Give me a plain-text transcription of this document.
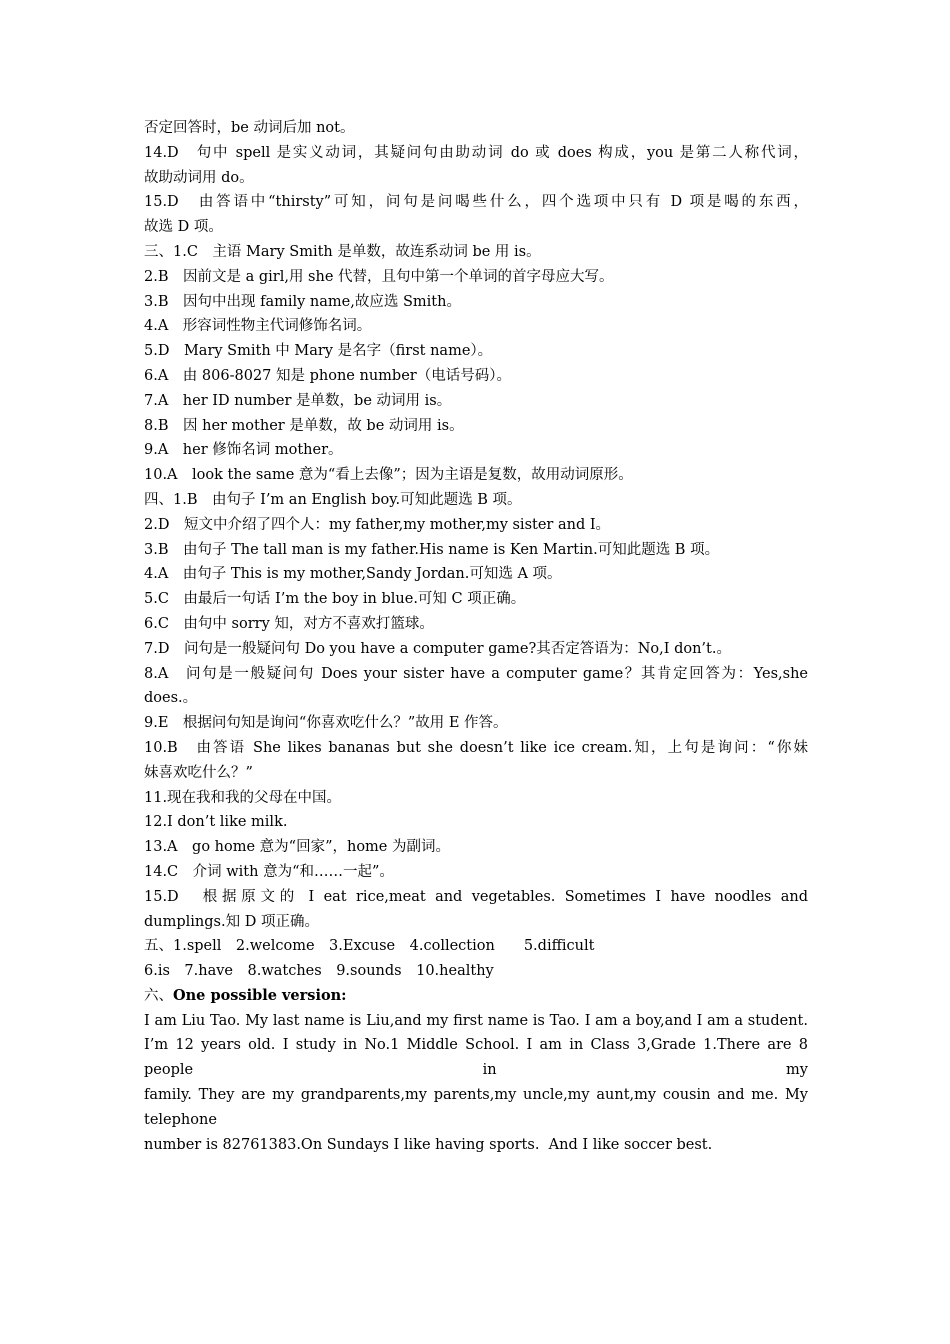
否定回答时，be 动词后加 not。
14.D　句中 spell 是实义动词，其疑问句由助动词 do 或 does 构成，you 是第二人称代词，
故助动词用 do。
15.D　由答语中“thirsty”可知，问句是问喝些什么，四个选项中只有 D 项是喝的东西，
故选 D 项。
三、1.C　主语 Mary Smith 是单数，故连系动词 be 用 is。
2.B　因前文是 a girl,用 she 代替，且句中第一个单词的首字母应大写。
3.B　因句中出现 family name,故应选 Smith。
4.A　形容词性物主代词修饰名词。
5.D　Mary Smith 中 Mary 是名字（first name）。
6.A　由 806-8027 知是 phone number（电话号码）。
7.A　her ID number 是单数，be 动词用 is。
8.B　因 her mother 是单数，故 be 动词用 is。
9.A　her 修饰名词 mother。
10.A　look the same 意为“看上去像”；因为主语是复数，故用动词原形。
四、1.B　由句子 I’m an English boy.可知此题选 B 项。
2.D　短文中介绍了四个人：my father,my mother,my sister and I。
3.B　由句子 The tall man is my father.His name is Ken Martin.可知此题选 B 项。
4.A　由句子 This is my mother,Sandy Jordan.可知选 A 项。
5.C　由最后一句话 I’m the boy in blue.可知 C 项正确。
6.C　由句中 sorry 知，对方不喜欢打篮球。
7.D　问句是一般疑问句 Do you have a computer game?其否定答语为：No,I don’t.。
8.A　问句是一般疑问句 Does your sister have a computer game？其肯定回答为：Yes,she
does.。
9.E　根据问句知是询问“你喜欢吃什么？”故用 E 作答。
10.B　由答语 She likes bananas but she doesn’t like ice cream.知，上句是询问：“你妹
妹喜欢吃什么？”
11.现在我和我的父母在中国。
12.I don’t like milk.
13.A　go home 意为“回家”，home 为副词。
14.C　介词 with 意为“和……一起”。
15.D　根据原文的 I eat rice,meat and vegetables. Sometimes I have noodles and
dumplings.知 D 项正确。
五、1.spell　2.welcome　3.Excuse　4.collection　　5.difficult
6.is　7.have　8.watches　9.sounds　10.healthy
六、One possible version:
I am Liu Tao. My last name is Liu,and my first name is Tao. I am a boy,and I am a student.
I’m 12 years old. I study in No.1 Middle School. I am in Class 3,Grade 1.There are 8 people in my
family. They are my grandparents,my parents,my uncle,my aunt,my cousin and me. My telephone
number is 82761383.On Sundays I like having sports.  And I like soccer best.
